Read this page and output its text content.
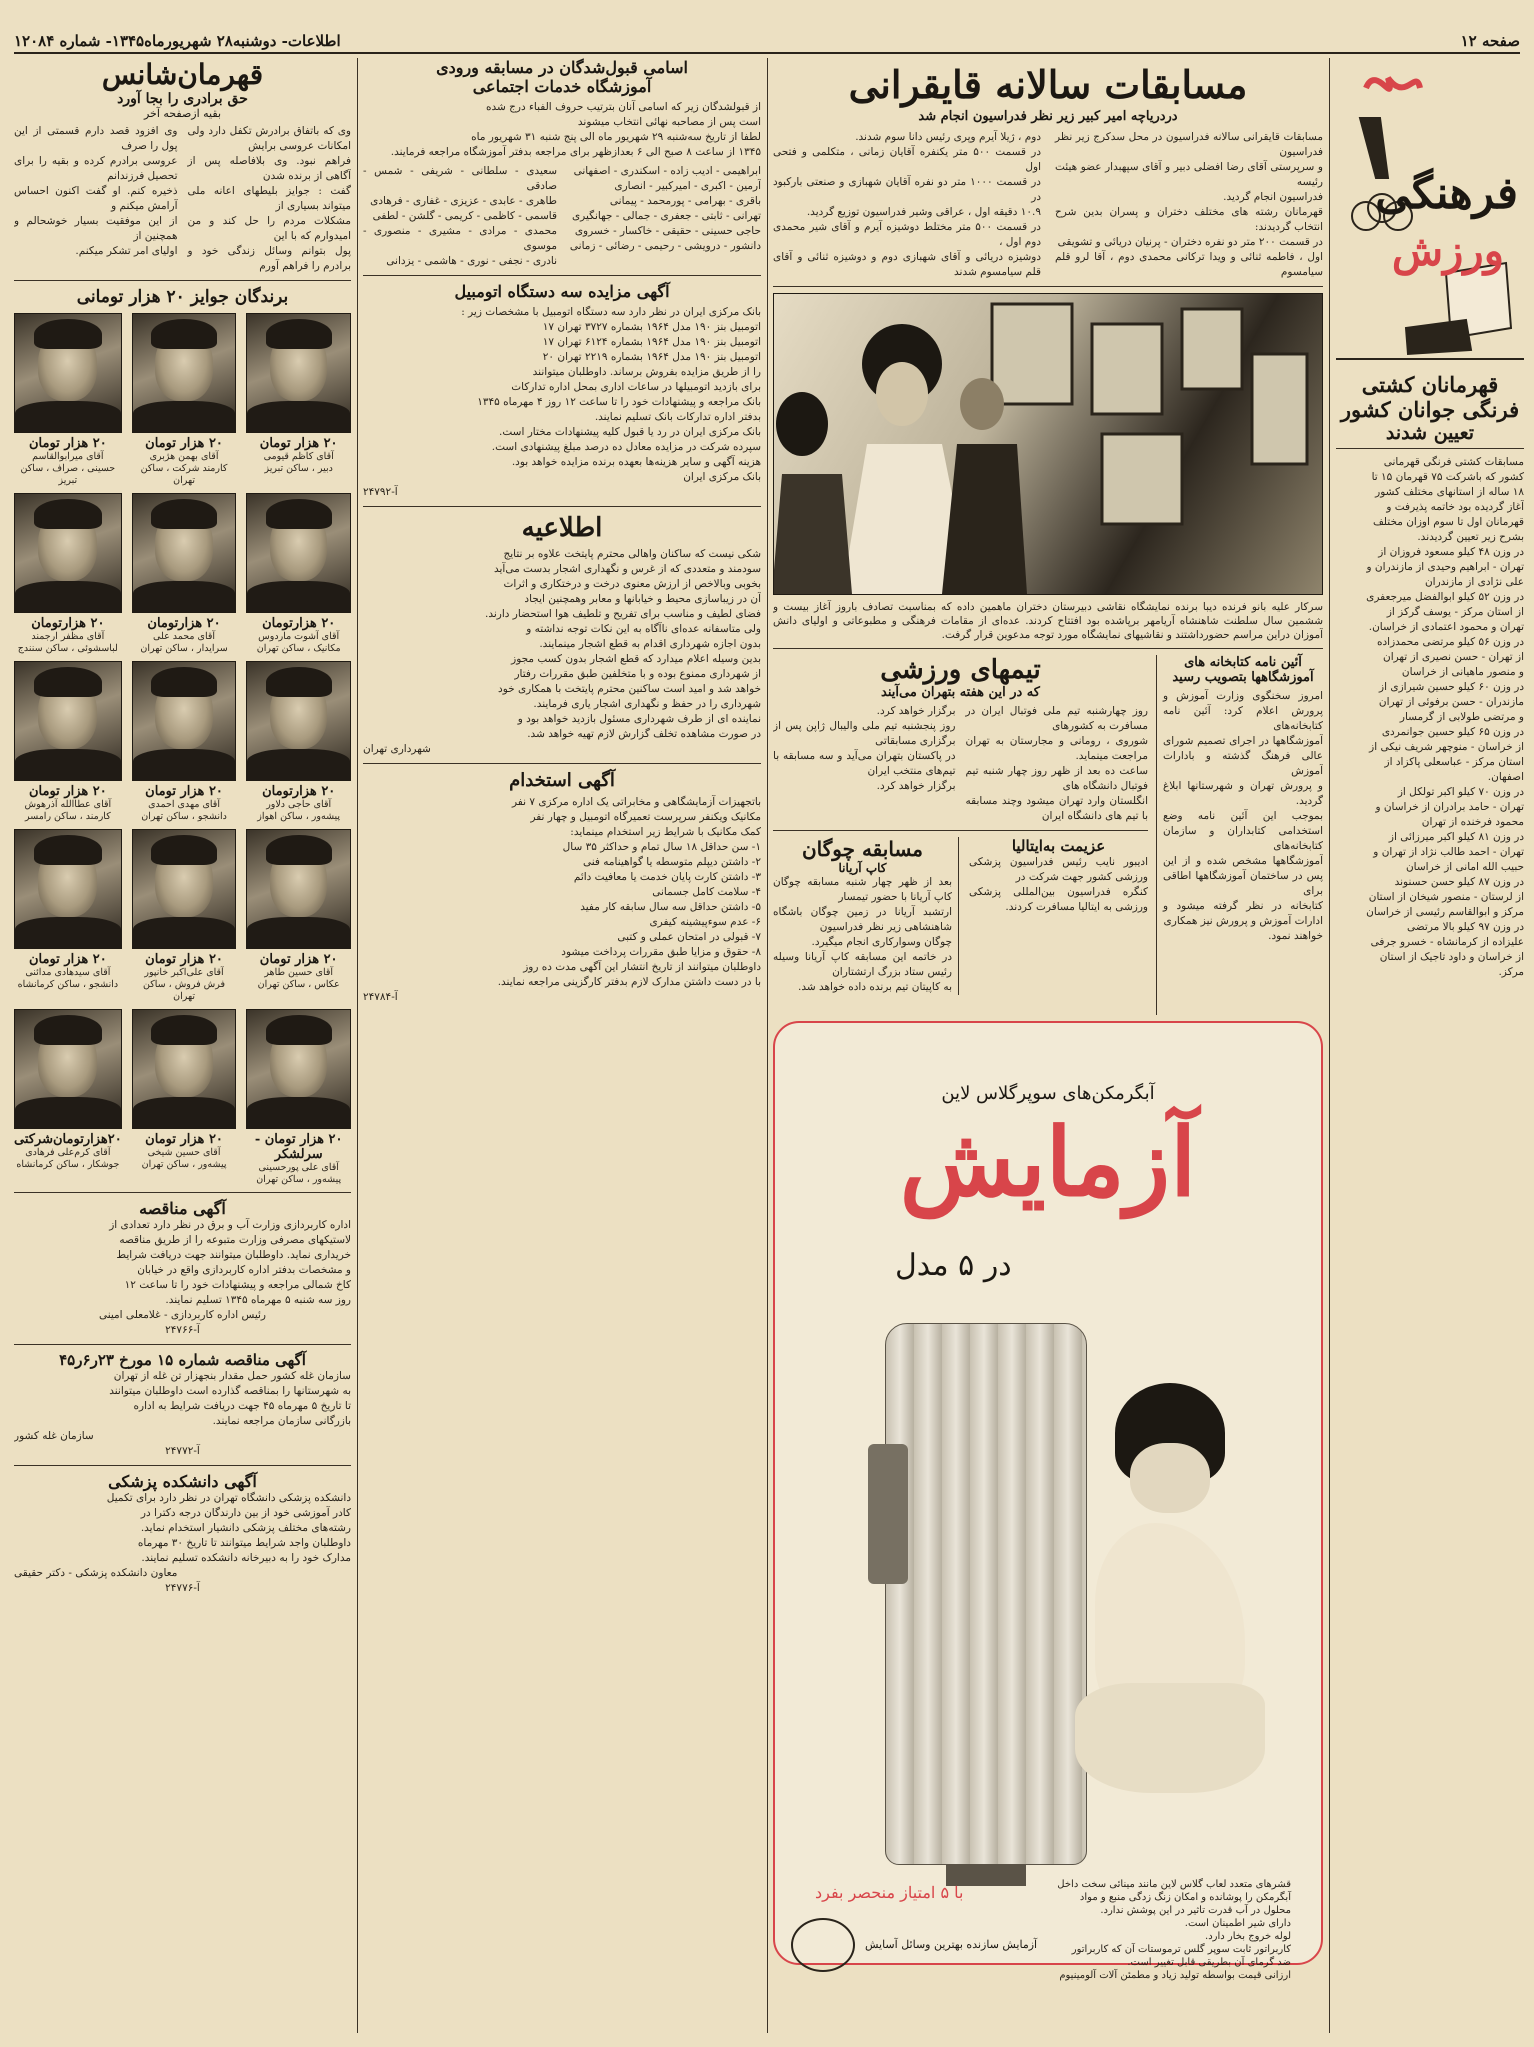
صفحه ۱۲
اطلاعات- دوشنبه۲۸ شهریورماه۱۳۴۵- شماره ۱۲۰۸۴
فرهنگی
ورزش
قهرمانان کشتی
فرنگی جوانان کشور
تعیین شدند
مسابقات کشتی فرنگی قهرمانی
کشور که باشرکت ۷۵ قهرمان ۱۵ تا
۱۸ ساله از استانهای مختلف کشور
آغاز گردیده بود خاتمه پذیرفت و
قهرمانان اول تا سوم اوزان مختلف
بشرح زیر تعیین گردیدند.
در وزن ۴۸ کیلو مسعود فروزان از
تهران - ابراهیم وحیدی از مازندران و
علی نژادی از مازندران
در وزن ۵۲ کیلو ابوالفضل میرجعفری
از استان مرکز - یوسف گرکز از
تهران و محمود اعتمادی از خراسان.
در وزن ۵۶ کیلو مرتضی محمدزاده
از تهران - حسن نصیری از تهران
و منصور ماهیانی از خراسان
در وزن ۶۰ کیلو حسین شیرازی از
مازندران - حسن برفوئی از تهران
و مرتضی طولابی از گرمسار
در وزن ۶۵ کیلو حسین جوانمردی
از خراسان - منوچهر شریف نیکی از
استان مرکز - عباسعلی پاکزاد از
اصفهان.
در وزن ۷۰ کیلو اکبر تولکل از
تهران - حامد برادران از خراسان و
محمود فرخنده از تهران
در وزن ۸۱ کیلو اکبر میرزائی از
تهران - احمد طالب نژاد از تهران و
حبیب الله امانی از خراسان
در وزن ۸۷ کیلو حسن حسنوند
از لرستان - منصور شیخان از استان
مرکز و ابوالقاسم رئیسی از خراسان
در وزن ۹۷ کیلو بالا مرتضی
علیزاده از کرمانشاه - خسرو جرفی
از خراسان و داود تاجیک از استان
مرکز.
مسابقات سالانه قایقرانی
دردریاچه امیر کبیر زیر نظر فدراسیون انجام شد
مسابقات قایقرانی سالانه فدراسیون در محل سدکرج زیر نظر فدراسیون
و سرپرستی آقای رضا افضلی دبیر و آقای سپهبدار عضو هیئت رئیسه
فدراسیون انجام گردید.
قهرمانان رشته های مختلف دختران و پسران بدین شرح انتخاب گردیدند:
در قسمت ۲۰۰ متر دو نفره دختران - پرنیان دریائی و تشویقی
اول ، فاطمه ثنائی و ویدا ترکانی محمدی دوم ، آقا لرو قلم سیامسوم
دوم ، ژیلا آیرم وپری رئیس دانا سوم شدند.
در قسمت ۵۰۰ متر یکنفره آقایان زمانی ، متکلمی و فتحی اول
در قسمت ۱۰۰۰ متر دو نفره آقایان شهبازی و صنعتی بارکبود در
۱۰.۹ دقیقه اول ، عراقی وشیر فدراسیون توزیع گردید.
در قسمت ۵۰۰ متر مختلط دوشیزه آیرم و آقای شیر محمدی دوم اول ،
دوشیزه دریائی و آقای شهبازی دوم و دوشیزه ثنائی و آقای قلم سیامسوم شدند
سرکار علیه بانو فرنده دیبا برنده نمایشگاه نقاشی دبیرستان دختران ماهمین داده که بمناسبت تصادف باروز آغاز بیست و ششمین سال سلطنت شاهنشاه آریامهر برپاشده بود افتتاح کردند. عده‌ای از مقامات فرهنگی و مطبوعاتی و اولیای دانش آموزان دراین مراسم حضورداشتند و نقاشیهای نمایشگاه مورد توجه مدعوین قرار گرفت.
آئین نامه کتابخانه های
آموزشگاهها بتصویب رسید
امروز سخنگوی وزارت آموزش و پرورش اعلام کرد: آئین نامه کتابخانه‌های
آموزشگاهها در اجرای تصمیم شورای عالی فرهنگ گذشته و بادارات آموزش
و پرورش تهران و شهرستانها ابلاغ گردید.
بموجب این آئین نامه وضع استخدامی کتابداران و سازمان کتابخانه‌های
آموزشگاهها مشخص شده و از این پس در ساختمان آموزشگاهها اطاقی برای
کتابخانه در نظر گرفته میشود و ادارات آموزش و پرورش نیز همکاری
خواهند نمود.
تیمهای ورزشی
که در این هفته بتهران می‌آیند
روز چهارشنبه تیم ملی فوتبال ایران در مسافرت به کشورهای
شوروی ، رومانی و مجارستان به تهران مراجعت مینماید.
ساعت ده بعد از ظهر روز چهار شنبه تیم فوتبال دانشگاه های
انگلستان وارد تهران میشود وچند مسابقه با تیم های دانشگاه ایران
برگزار خواهد کرد.
روز پنجشنبه تیم ملی والیبال ژاپن پس از برگزاری مسابقاتی
در پاکستان بتهران می‌آید و سه مسابقه با تیم‌های منتخب ایران
برگزار خواهد کرد.
عزیمت به‌ایتالیا
ادیبور نایب رئیس فدراسیون پزشکی ورزشی کشور جهت شرکت در
کنگره فدراسیون بین‌المللی پزشکی ورزشی به ایتالیا مسافرت کردند.
مسابقه چوگان
کاپ آریانا
بعد از ظهر چهار شنبه مسابقه چوگان کاپ آریانا با حضور تیمسار
ارتشبد آریانا در زمین چوگان باشگاه شاهنشاهی زیر نظر فدراسیون
چوگان وسوارکاری انجام میگیرد.
در خاتمه این مسابقه کاپ آریانا وسیله رئیس ستاد بزرگ ارتشتاران
به کاپیتان تیم برنده داده خواهد شد.
آبگرمکن‌های سوپرگلاس لاین
آزمایش
در ۵ مدل
قشرهای متعدد لعاب گلاس لاین مانند مینائی سخت داخل
آبگرمکن را پوشانده و امکان زنگ زدگی منبع و مواد
محلول در آب قدرت تاثیر در این پوشش ندارد.
دارای شیر اطمینان است.
لوله خروج بخار دارد.
کاربراتور ثابت سوپر گلس ترموستات آن که کاربراتور
ضد گرمای آن بطریقی قابل تغییر است.
ارزانی قیمت بواسطه تولید زیاد و مطمئن آلات آلومینیوم
با ۵ امتیاز منحصر بفرد
آزمایش سازنده بهترین وسائل آسایش
اسامی قبول‌شدگان در مسابقه ورودی
آموزشگاه خدمات اجتماعی
از قبولشدگان زیر که اسامی آنان بترتیب حروف الفباء درج شده
است پس از مصاحبه نهائی انتخاب میشوند
لطفا از تاریخ سه‌شنبه ۲۹ شهریور ماه الی پنج شنبه ۳۱ شهریور ماه
۱۳۴۵ از ساعت ۸ صبح الی ۶ بعدازظهر برای مراجعه بدفتر آموزشگاه مراجعه فرمایند.
ابراهیمی - ادیب زاده - اسکندری - اصفهانی
آرمین - اکبری - امیرکبیر - انصاری
باقری - بهرامی - پورمحمد - پیمانی
تهرانی - ثابتی - جعفری - جمالی - جهانگیری
حاجی حسینی - حقیقی - خاکسار - خسروی
دانشور - درویشی - رحیمی - رضائی - زمانی
سعیدی - سلطانی - شریفی - شمس - صادقی
طاهری - عابدی - عزیزی - غفاری - فرهادی
قاسمی - کاظمی - کریمی - گلشن - لطفی
محمدی - مرادی - مشیری - منصوری - موسوی
نادری - نجفی - نوری - هاشمی - یزدانی
آگهی مزایده سه دستگاه اتومبیل
بانک مرکزی ایران در نظر دارد سه دستگاه اتومبیل با مشخصات زیر :
اتومبیل بنز ۱۹۰ مدل ۱۹۶۴ بشماره ۳۷۲۷ تهران ۱۷
اتومبیل بنز ۱۹۰ مدل ۱۹۶۴ بشماره ۶۱۲۴ تهران ۱۷
اتومبیل بنز ۱۹۰ مدل ۱۹۶۴ بشماره ۲۲۱۹ تهران ۲۰
را از طریق مزایده بفروش برساند. داوطلبان میتوانند
برای بازدید اتومبیلها در ساعات اداری بمحل اداره تدارکات
بانک مراجعه و پیشنهادات خود را تا ساعت ۱۲ روز ۴ مهرماه ۱۳۴۵
بدفتر اداره تدارکات بانک تسلیم نمایند.
بانک مرکزی ایران در رد یا قبول کلیه پیشنهادات مختار است.
سپرده شرکت در مزایده معادل ده درصد مبلغ پیشنهادی است.
هزینه آگهی و سایر هزینه‌ها بعهده برنده مزایده خواهد بود.
بانک مرکزی ایران
آ-۲۴۷۹۲
اطلاعیه
شکی نیست که ساکنان واهالی محترم پایتخت علاوه بر نتایج
سودمند و متعددی که از غرس و نگهداری اشجار بدست می‌آید
بخوبی وبالاخص از ارزش معنوی درخت و درختکاری و اثرات
آن در زیباسازی محیط و خیابانها و معابر وهمچنین ایجاد
فضای لطیف و مناسب برای تفریح و تلطیف هوا استحضار دارند.
ولی متاسفانه عده‌ای ناآگاه به این نکات توجه نداشته و
بدون اجازه شهرداری اقدام به قطع اشجار مینمایند.
بدین وسیله اعلام میدارد که قطع اشجار بدون کسب مجوز
از شهرداری ممنوع بوده و با متخلفین طبق مقررات رفتار
خواهد شد و امید است ساکنین محترم پایتخت با همکاری خود
شهرداری را در حفظ و نگهداری اشجار یاری فرمایند.
نماینده ای از طرف شهرداری مسئول بازدید خواهد بود و
در صورت مشاهده تخلف گزارش لازم تهیه خواهد شد.
شهرداری تهران
آگهی استخدام
باتجهیزات آزمایشگاهی و مخابراتی یک اداره مرکزی ۷ نفر
مکانیک ویکنفر سرپرست تعمیرگاه اتومبیل و چهار نفر
کمک مکانیک با شرایط زیر استخدام مینماید:
۱- سن حداقل ۱۸ سال تمام و حداکثر ۳۵ سال
۲- داشتن دیپلم متوسطه یا گواهینامه فنی
۳- داشتن کارت پایان خدمت یا معافیت دائم
۴- سلامت کامل جسمانی
۵- داشتن حداقل سه سال سابقه کار مفید
۶- عدم سوءپیشینه کیفری
۷- قبولی در امتحان عملی و کتبی
۸- حقوق و مزایا طبق مقررات پرداخت میشود
داوطلبان میتوانند از تاریخ انتشار این آگهی مدت ده روز
با در دست داشتن مدارک لازم بدفتر کارگزینی مراجعه نمایند.
آ-۲۴۷۸۴
قهرمان‌شانس
حق برادری را بجا آورد
بقیه ازصفحه آخر
وی که باتفاق برادرش تکفل دارد ولی امکانات عروسی برایش
فراهم نبود. وی بلافاصله پس از آگاهی از برنده شدن
گفت : جوایز بلیطهای اعانه ملی میتواند بسیاری از
مشکلات مردم را حل کند و من امیدوارم که با این
پول بتوانم وسائل زندگی خود و برادرم را فراهم آورم
وی افزود قصد دارم قسمتی از این پول را صرف
عروسی برادرم کرده و بقیه را برای تحصیل فرزندانم
ذخیره کنم. او گفت اکنون احساس آرامش میکنم و
از این موفقیت بسیار خوشحالم و همچنین از
اولیای امر تشکر میکنم.
برندگان جوایز ۲۰ هزار تومانی
۲۰ هزار تومان
آقای کاظم قیومی
دبیر ، ساکن تبریز
۲۰ هزار تومان
آقای بهمن هژبری
کارمند شرکت ، ساکن تهران
۲۰ هزار تومان
آقای میرابوالقاسم
حسینی ، صراف ، ساکن تبریز
۲۰ هزارتومان
آقای آشوت ماردوس
مکانیک ، ساکن تهران
۲۰ هزارتومان
آقای محمد علی
سرایدار ، ساکن تهران
۲۰ هزارتومان
آقای مظفر ارجمند
لباسشوئی ، ساکن سنندج
۲۰ هزارتومان
آقای حاجی دلاور
پیشه‌ور ، ساکن اهواز
۲۰ هزار تومان
آقای مهدی احمدی
دانشجو ، ساکن تهران
۲۰ هزار تومان
آقای عطاالله آذرهوش
کارمند ، ساکن رامسر
۲۰ هزار تومان
آقای حسین طاهر
عکاس ، ساکن تهران
۲۰ هزار تومان
آقای علی‌اکبر خانپور
فرش فروش ، ساکن تهران
۲۰ هزار تومان
آقای سیدهادی مدائنی
دانشجو ، ساکن کرمانشاه
۲۰ هزار تومان - سرلشکر
آقای علی پورحسینی
پیشه‌ور ، ساکن تهران
۲۰ هزار تومان
آقای حسین شیخی
پیشه‌ور ، ساکن تهران
۲۰هزارتومان‌شرکتی
آقای کرم‌علی فرهادی
جوشکار ، ساکن کرمانشاه
آگهی مناقصه
اداره کاربردازی وزارت آب و برق در نظر دارد تعدادی از
لاستیکهای مصرفی وزارت متبوعه را از طریق مناقصه
خریداری نماید. داوطلبان میتوانند جهت دریافت شرایط
و مشخصات بدفتر اداره کاربردازی واقع در خیابان
کاخ شمالی مراجعه و پیشنهادات خود را تا ساعت ۱۲
روز سه شنبه ۵ مهرماه ۱۳۴۵ تسلیم نمایند.
رئیس اداره کاربردازی - غلامعلی امینی
آ-۲۴۷۶۶
آگهی مناقصه شماره ۱۵ مورخ ۲۳ر۶ر۴۵
سازمان غله کشور حمل مقدار بنجهزار تن غله از تهران
به شهرستانها را بمناقصه گذارده است داوطلبان میتوانند
تا تاریخ ۵ مهرماه ۴۵ جهت دریافت شرایط به اداره
بازرگانی سازمان مراجعه نمایند.
سازمان غله کشور
آ-۲۴۷۷۲
آگهی دانشکده پزشکی
دانشکده پزشکی دانشگاه تهران در نظر دارد برای تکمیل
کادر آموزشی خود از بین دارندگان درجه دکترا در
رشته‌های مختلف پزشکی دانشیار استخدام نماید.
داوطلبان واجد شرایط میتوانند تا تاریخ ۳۰ مهرماه
مدارک خود را به دبیرخانه دانشکده تسلیم نمایند.
معاون دانشکده پزشکی - دکتر حقیقی
آ-۲۴۷۷۶
